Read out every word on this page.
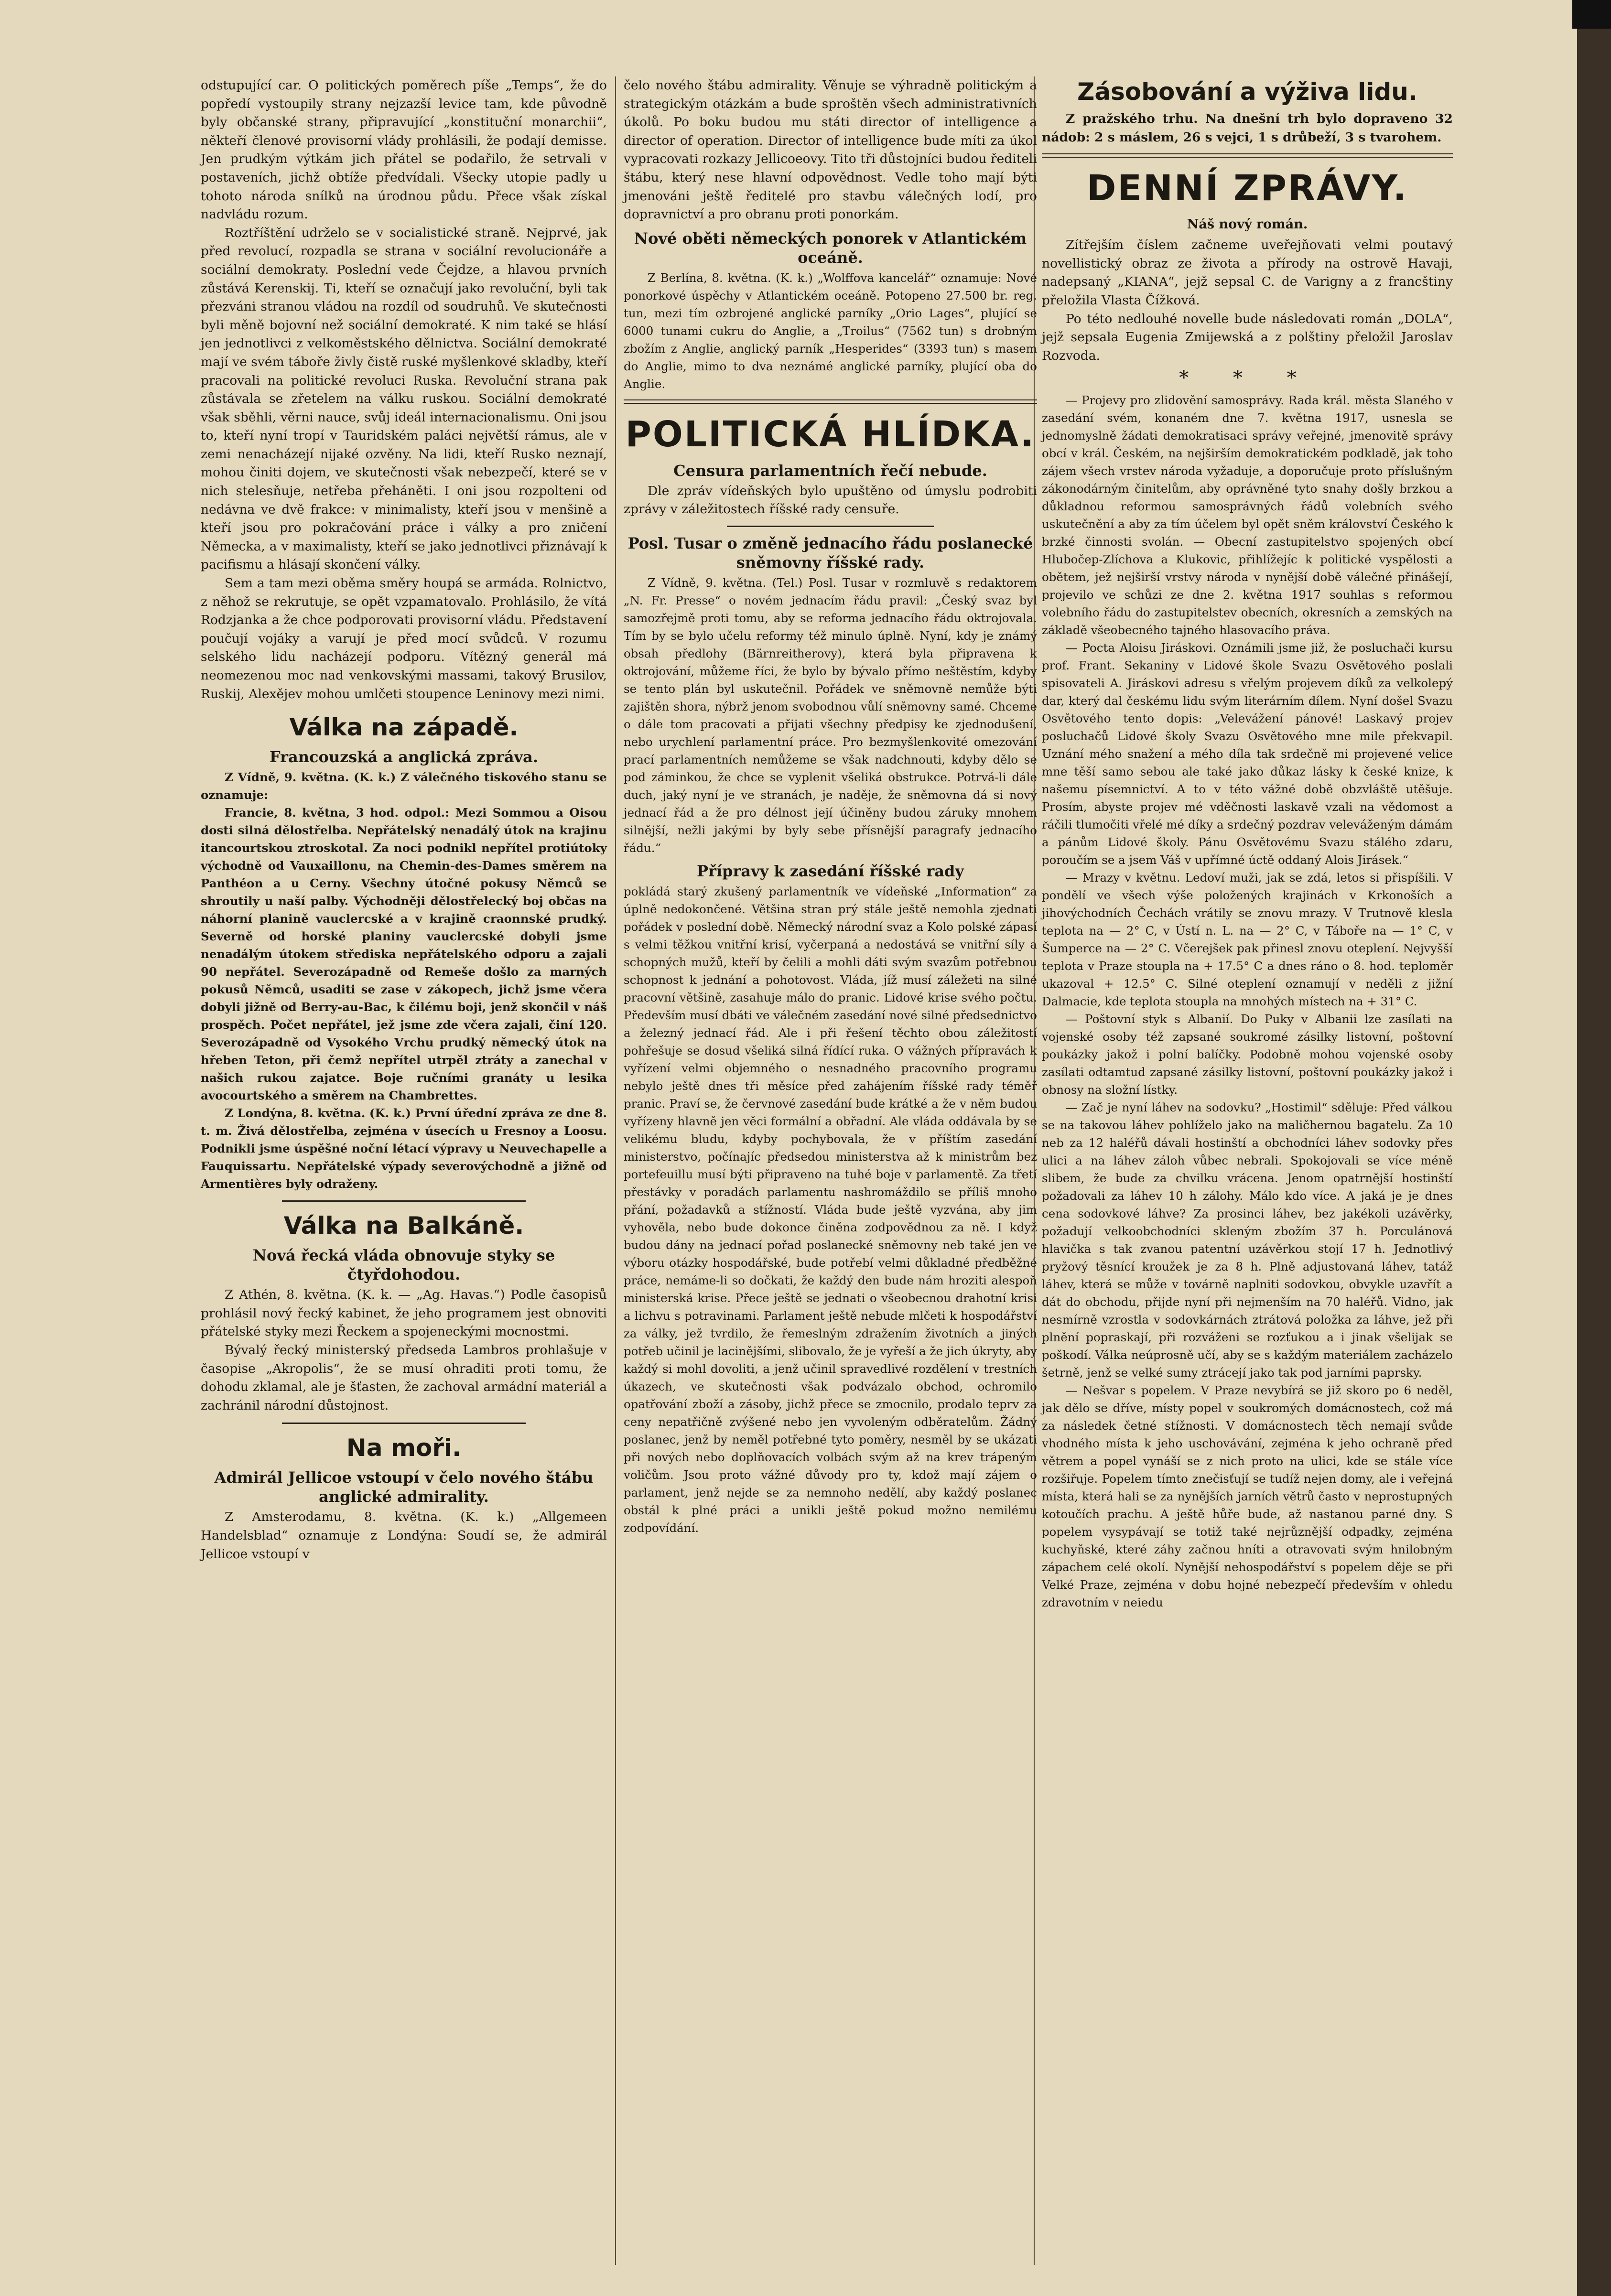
odstupující car. O politických poměrech píše „Temps“, že do popředí vystoupily strany nejzazší levice tam, kde původně byly občanské strany, připravující „konstituční monarchii“, někteří členové provisorní vlády prohlásili, že podají demisse. Jen prudkým výtkám jich přátel se podařilo, že setrvali v postaveních, jichž obtíže předvídali. Všecky utopie padly u tohoto národa snílků na úrodnou půdu. Přece však získal nadvládu rozum.

Roztříštění udrželo se v socialistické straně. Nejprvé, jak před revolucí, rozpadla se strana v sociální revolucionáře a sociální demokraty. Poslední vede Čejdze, a hlavou prvních zůstává Kerenskij. Ti, kteří se označují jako revoluční, byli tak přezváni stranou vládou na rozdíl od soudruhů. Ve skutečnosti byli měně bojovní než sociální demokraté. K nim také se hlásí jen jednotlivci z velkoměstského dělnictva. Sociální demokraté mají ve svém táboře živly čistě ruské myšlenkové skladby, kteří pracovali na politické revoluci Ruska. Revoluční strana pak zůstávala se zřetelem na válku ruskou. Sociální demokraté však sběhli, věrni nauce, svůj ideál internacionalismu. Oni jsou to, kteří nyní tropí v Tauridském paláci největší rámus, ale v zemi nenacházejí nijaké ozvěny. Na lidi, kteří Rusko neznají, mohou činiti dojem, ve skutečnosti však nebezpečí, které se v nich stelesňuje, netřeba přeháněti. I oni jsou rozpolteni od nedávna ve dvě frakce: v minimalisty, kteří jsou v menšině a kteří jsou pro pokračování práce i války a pro zničení Německa, a v maximalisty, kteří se jako jednotlivci přiznávají k pacifismu a hlásají skončení války.

Sem a tam mezi oběma směry houpá se armáda. Rolnictvo, z něhož se rekrutuje, se opět vzpamatovalo. Prohlásilo, že vítá Rodzjanka a že chce podporovati provisorní vládu. Představení poučují vojáky a varují je před mocí svůdců. V rozumu selského lidu nacházejí podporu. Vítězný generál má neomezenou moc nad venkovskými massami, takový Brusilov, Ruskij, Alexějev mohou umlčeti stoupence Leninovy mezi nimi.

Válka na západě.
Francouzská a anglická zpráva.

Z Vídně, 9. května. (K. k.) Z válečného tiskového stanu se oznamuje:

Francie, 8. května, 3 hod. odpol.: Mezi Sommou a Oisou dosti silná dělostřelba. Nepřátelský nenadálý útok na krajinu itancourtskou ztroskotal. Za noci podnikl nepřítel protiútoky východně od Vauxaillonu, na Chemin-des-Dames směrem na Panthéon a u Cerny. Všechny útočné pokusy Němců se shroutily u naší palby. Východněji dělostřelecký boj občas na náhorní planině vauclercské a v krajině craonnské prudký. Severně od horské planiny vauclercské dobyli jsme nenadálým útokem střediska nepřátelského odporu a zajali 90 nepřátel. Severozápadně od Remeše došlo za marných pokusů Němců, usaditi se zase v zákopech, jichž jsme včera dobyli jižně od Berry-au-Bac, k čilému boji, jenž skončil v náš prospěch. Počet nepřátel, jež jsme zde včera zajali, činí 120. Severozápadně od Vysokého Vrchu prudký německý útok na hřeben Teton, při čemž nepřítel utrpěl ztráty a zanechal v našich rukou zajatce. Boje ručními granáty u lesika avocourtského a směrem na Chambrettes.

Z Londýna, 8. května. (K. k.) První úřední zpráva ze dne 8. t. m. Živá dělostřelba, zejména v úsecích u Fresnoy a Loosu. Podnikli jsme úspěšné noční létací výpravy u Neuvechapelle a Fauquissartu. Nepřátelské výpady severovýchodně a jižně od Armentières byly odraženy.

Válka na Balkáně.
Nová řecká vláda obnovuje styky se čtyřdohodou.

Z Athén, 8. května. (K. k. — „Ag. Havas.“) Podle časopisů prohlásil nový řecký kabinet, že jeho programem jest obnoviti přátelské styky mezi Řeckem a spojeneckými mocnostmi.

Bývalý řecký ministerský předseda Lambros prohlašuje v časopise „Akropolis“, že se musí ohraditi proti tomu, že dohodu zklamal, ale je šťasten, že zachoval armádní materiál a zachránil národní důstojnost.

Na moři.
Admirál Jellicoe vstoupí v čelo nového štábu anglické admirality.

Z Amsterodamu, 8. května. (K. k.) „Allgemeen Handelsblad“ oznamuje z Londýna: Soudí se, že admirál Jellicoe vstoupí v

čelo nového štábu admirality. Věnuje se výhradně politickým a strategickým otázkám a bude sproštěn všech administrativních úkolů. Po boku budou mu státi director of intelligence a director of operation. Director of intelligence bude míti za úkol vypracovati rozkazy Jellicoeovy. Tito tři důstojníci budou řediteli štábu, který nese hlavní odpovědnost. Vedle toho mají býti jmenováni ještě ředitelé pro stavbu válečných lodí, pro dopravnictví a pro obranu proti ponorkám.

Nové oběti německých ponorek v Atlantickém oceáně.

Z Berlína, 8. května. (K. k.) „Wolffova kancelář“ oznamuje: Nové ponorkové úspěchy v Atlantickém oceáně. Potopeno 27.500 br. reg. tun, mezi tím ozbrojené anglické parníky „Orio Lages“, plující se 6000 tunami cukru do Anglie, a „Troilus“ (7562 tun) s drobným zbožím z Anglie, anglický parník „Hesperides“ (3393 tun) s masem do Anglie, mimo to dva neznámé anglické parníky, plující oba do Anglie.

POLITICKÁ HLÍDKA.
Censura parlamentních řečí nebude.

Dle zpráv vídeňských bylo upuštěno od úmyslu podrobiti zprávy v záležitostech říšské rady censuře.

Posl. Tusar o změně jednacího řádu poslanecké sněmovny říšské rady.

Z Vídně, 9. května. (Tel.) Posl. Tusar v rozmluvě s redaktorem „N. Fr. Presse“ o novém jednacím řádu pravil: „Český svaz byl samozřejmě proti tomu, aby se reforma jednacího řádu oktrojovala. Tím by se bylo učelu reformy též minulo úplně. Nyní, kdy je známý obsah předlohy (Bärnreitherovy), která byla připravena k oktrojování, můžeme říci, že bylo by bývalo přímo neštěstím, kdyby se tento plán byl uskutečnil. Pořádek ve sněmovně nemůže býti zajištěn shora, nýbrž jenom svobodnou vůlí sněmovny samé. Chceme o dále tom pracovati a přijati všechny předpisy ke zjednodušení, nebo urychlení parlamentní práce. Pro bezmyšlenkovité omezování prací parlamentních nemůžeme se však nadchnouti, kdyby dělo se pod záminkou, že chce se vyplenit všeliká obstrukce. Potrvá-li dále duch, jaký nyní je ve stranách, je naděje, že sněmovna dá si nový jednací řád a že pro délnost její účiněny budou záruky mnohem silnější, nežli jakými by byly sebe přísnější paragrafy jednacího řádu.“

Přípravy k zasedání říšské rady

pokládá starý zkušený parlamentník ve vídeňské „Information“ za úplně nedokončené. Většina stran prý stále ještě nemohla zjednati pořádek v poslední době. Německý národní svaz a Kolo polské zápasí s velmi těžkou vnitřní krisí, vyčerpaná a nedostává se vnitřní síly a schopných mužů, kteří by čelili a mohli dáti svým svazům potřebnou schopnost k jednání a pohotovost. Vláda, jíž musí záležeti na silné pracovní většině, zasahuje málo do pranic. Lidové krise svého počtu. Především musí dbáti ve válečném zasedání nové silné předsednictvo a železný jednací řád. Ale i při řešení těchto obou záležitostí pohřešuje se dosud všeliká silná řídící ruka. O vážných přípravách k vyřízení velmi objemného o nesnadného pracovního programu nebylo ještě dnes tři měsíce před zahájením říšské rady téměř pranic. Praví se, že červnové zasedání bude krátké a že v něm budou vyřízeny hlavně jen věci formální a obřadní. Ale vláda oddávala by se velikému bludu, kdyby pochybovala, že v příštím zasedání ministerstvo, počínajíc předsedou ministerstva až k ministrům bez portefeuillu musí býti připraveno na tuhé boje v parlamentě. Za třetí přestávky v poradách parlamentu nashromáždilo se příliš mnoho přání, požadavků a stížností. Vláda bude ještě vyzvána, aby jim vyhověla, nebo bude dokonce činěna zodpovědnou za ně. I když budou dány na jednací pořad poslanecké sněmovny neb také jen ve výboru otázky hospodářské, bude potřebí velmi důkladné předběžné práce, nemáme-li so dočkati, že každý den bude nám hroziti alespoň ministerská krise. Přece ještě se jednati o všeobecnou drahotní krisi a lichvu s potravinami. Parlament ještě nebude mlčeti k hospodářství za války, jež tvrdilo, že řemeslným zdražením životních a jiných potřeb učinil je lacinějšími, slibovalo, že je vyřeší a že jich úkryty, aby každý si mohl dovoliti, a jenž učinil spravedlivé rozdělení v trestních úkazech, ve skutečnosti však podvázalo obchod, ochromilo opatřování zboží a zásoby, jichž přece se zmocnilo, prodalo teprv za ceny nepatřičně zvýšené nebo jen vyvoleným odběratelům. Žádný poslanec, jenž by neměl potřebné tyto poměry, nesměl by se ukázati při nových nebo doplňovacích volbách svým až na krev trápeným voličům. Jsou proto vážné důvody pro ty, kdož mají zájem o parlament, jenž nejde se za nemnoho nedělí, aby každý poslanec obstál k plné práci a unikli ještě pokud možno nemilému zodpovídání.

Zásobování a výživa lidu.

Z pražského trhu. Na dnešní trh bylo dopraveno 32 nádob: 2 s máslem, 26 s vejci, 1 s drůbeží, 3 s tvarohem.

DENNÍ ZPRÁVY.
Náš nový román.

Zítřejším číslem začneme uveřejňovati velmi poutavý novellistický obraz ze života a přírody na ostrově Havaji, nadepsaný „KIANA“, jejž sepsal C. de Varigny a z francštiny přeložila Vlasta Čížková.

Po této nedlouhé novelle bude následovati román „DOLA“, jejž sepsala Eugenia Zmijewská a z polštiny přeložil Jaroslav Rozvoda.

* * *

— Projevy pro zlidovění samosprávy. Rada král. města Slaného v zasedání svém, konaném dne 7. května 1917, usnesla se jednomyslně žádati demokratisaci správy veřejné, jmenovitě správy obcí v král. Českém, na nejširším demokratickém podkladě, jak toho zájem všech vrstev národa vyžaduje, a doporučuje proto příslušným zákonodárným činitelům, aby oprávněné tyto snahy došly brzkou a důkladnou reformou samosprávných řádů volebních svého uskutečnění a aby za tím účelem byl opět sněm království Českého k brzké činnosti svolán. — Obecní zastupitelstvo spojených obcí Hlubočep-Zlíchova a Klukovic, přihlížejíc k politické vyspělosti a obětem, jež nejširší vrstvy národa v nynější době válečné přinášejí, projevilo ve schůzi ze dne 2. května 1917 souhlas s reformou volebního řádu do zastupitelstev obecních, okresních a zemských na základě všeobecného tajného hlasovacího práva.

— Pocta Aloisu Jiráskovi. Oznámili jsme již, že posluchači kursu prof. Frant. Sekaniny v Lidové škole Svazu Osvětového poslali spisovateli A. Jiráskovi adresu s vřelým projevem díků za velkolepý dar, který dal českému lidu svým literárním dílem. Nyní došel Svazu Osvětového tento dopis: „Velevážení pánové! Laskavý projev posluchačů Lidové školy Svazu Osvětového mne mile překvapil. Uznání mého snažení a mého díla tak srdečně mi projevené velice mne těší samo sebou ale také jako důkaz lásky k české knize, k našemu písemnictví. A to v této vážné době obzvláště utěšuje. Prosím, abyste projev mé vděčnosti laskavě vzali na vědomost a ráčili tlumočiti vřelé mé díky a srdečný pozdrav veleváženým dámám a pánům Lidové školy. Pánu Osvětovému Svazu stálého zdaru, poroučím se a jsem Váš v upřímné úctě oddaný Alois Jirásek.“

— Mrazy v květnu. Ledoví muži, jak se zdá, letos si přispíšili. V pondělí ve všech výše položených krajinách v Krkonoších a jihovýchodních Čechách vrátily se znovu mrazy. V Trutnově klesla teplota na — 2° C, v Ústí n. L. na — 2° C, v Táboře na — 1° C, v Šumperce na — 2° C. Včerejšek pak přinesl znovu oteplení. Nejvyšší teplota v Praze stoupla na + 17.5° C a dnes ráno o 8. hod. teploměr ukazoval + 12.5° C. Silné oteplení oznamují v neděli z jižní Dalmacie, kde teplota stoupla na mnohých místech na + 31° C.

— Poštovní styk s Albanií. Do Puky v Albanii lze zasílati na vojenské osoby též zapsané soukromé zásilky listovní, poštovní poukázky jakož i polní balíčky. Podobně mohou vojenské osoby zasílati odtamtud zapsané zásilky listovní, poštovní poukázky jakož i obnosy na složní lístky.

— Zač je nyní láhev na sodovku? „Hostimil“ sděluje: Před válkou se na takovou láhev pohlíželo jako na maličhernou bagatelu. Za 10 neb za 12 haléřů dávali hostinští a obchodníci láhev sodovky přes ulici a na láhev záloh vůbec nebrali. Spokojovali se více méně slibem, že bude za chvilku vrácena. Jenom opatrnější hostinští požadovali za láhev 10 h zálohy. Málo kdo více. A jaká je je dnes cena sodovkové láhve? Za prosinci láhev, bez jakékoli uzávěrky, požadují velkoobchodníci skleným zbožím 37 h. Porculánová hlavička s tak zvanou patentní uzávěrkou stojí 17 h. Jednotlivý pryžový těsnící kroužek je za 8 h. Plně adjustovaná láhev, tatáž láhev, která se může v továrně naplniti sodovkou, obvykle uzavřít a dát do obchodu, přijde nyní při nejmenším na 70 haléřů. Vidno, jak nesmírně vzrostla v sodovkárnách ztrátová položka za láhve, jež při plnění popraskají, při rozváženi se rozťukou a i jinak všelijak se poškodí. Válka neúprosně učí, aby se s každým materiálem zacházelo šetrně, jenž se velké sumy ztrácejí jako tak pod jarními paprsky.

— Nešvar s popelem. V Praze nevybírá se již skoro po 6 neděl, jak dělo se dříve, místy popel v soukromých domácnostech, což má za následek četné stížnosti. V domácnostech těch nemají svůde vhodného místa k jeho uschovávání, zejména k jeho ochraně před větrem a popel vynáší se z nich proto na ulici, kde se stále více rozšiřuje. Popelem tímto znečisťují se tudíž nejen domy, ale i veřejná místa, která hali se za nynějších jarních větrů často v neprostupných kotoučích prachu. A ještě hůře bude, až nastanou parné dny. S popelem vysypávají se totiž také nejrůznější odpadky, zejména kuchyňské, které záhy začnou hníti a otravovati svým hnilobným zápachem celé okolí. Nynější nehospodářství s popelem děje se při Velké Praze, zejména v dobu hojné nebezpečí především v ohledu zdravotním v neiedu
